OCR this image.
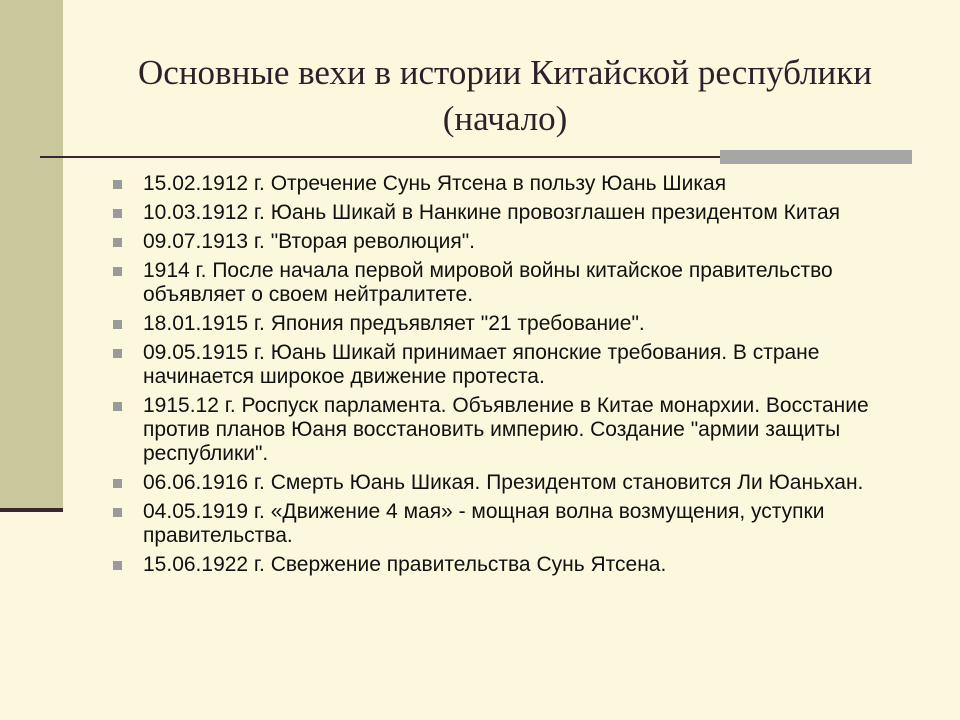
Основные вехи в истории Китайской республики
(начало)
15.02.1912 г. Отречение Сунь Ятсена в пользу Юань Шикая
10.03.1912 г. Юань Шикай в Нанкине провозглашен президентом Китая
09.07.1913 г. "Вторая революция".
1914 г. После начала первой мировой войны китайское правительство объявляет о своем нейтралитете.
18.01.1915 г. Япония предъявляет "21 требование".
09.05.1915 г. Юань Шикай принимает японские требования. В стране начинается широкое движение протеста.
1915.12 г. Роспуск парламента. Объявление в Китае монархии. Восстание против планов Юаня восстановить империю. Создание "армии защиты республики".
06.06.1916 г. Смерть Юань Шикая. Президентом становится Ли Юаньхан.
04.05.1919 г. «Движение 4 мая» - мощная волна возмущения, уступки правительства.
15.06.1922 г. Свержение правительства Сунь Ятсена.
